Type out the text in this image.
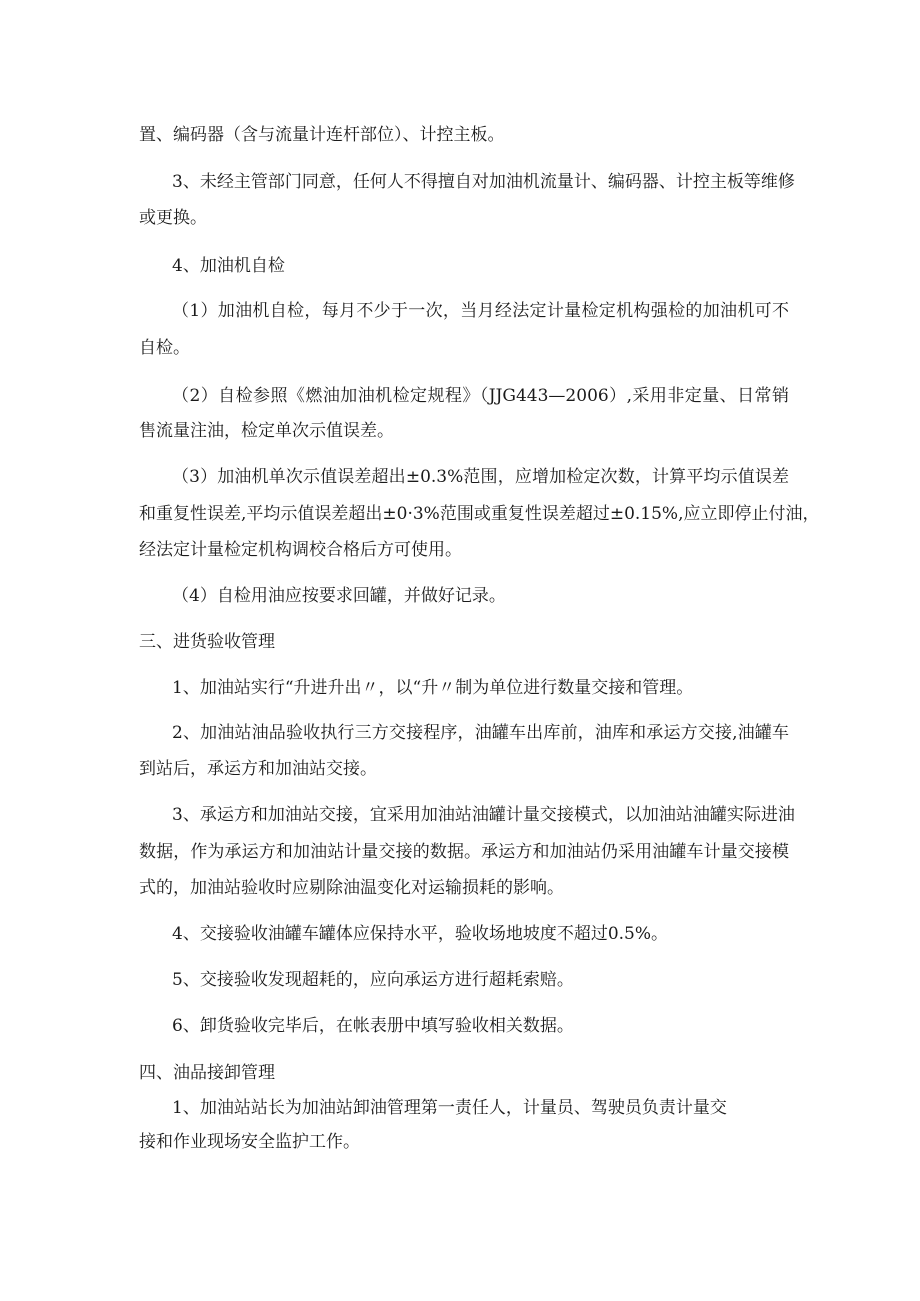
置、编码器（含与流量计连杆部位）、计控主板。
3、未经主管部门同意，任何人不得擅自对加油机流量计、编码器、计控主板等维修
或更换。
4、加油机自检
（1）加油机自检，每月不少于一次，当月经法定计量检定机构强检的加油机可不
自检。
（2）自检参照《燃油加油机检定规程》（JJG443—2006）,采用非定量、日常销
售流量注油，检定单次示值误差。
（3）加油机单次示值误差超出±0.3%范围，应增加检定次数，计算平均示值误差
和重复性误差,平均示值误差超出±0·3%范围或重复性误差超过±0.15%,应立即停止付油，
经法定计量检定机构调校合格后方可使用。
（4）自检用油应按要求回罐，并做好记录。
三、进货验收管理
1、加油站实行“升进升出〃，以“升〃制为单位进行数量交接和管理。
2、加油站油品验收执行三方交接程序，油罐车出库前，油库和承运方交接,油罐车
到站后，承运方和加油站交接。
3、承运方和加油站交接，宜采用加油站油罐计量交接模式，以加油站油罐实际进油
数据，作为承运方和加油站计量交接的数据。承运方和加油站仍采用油罐车计量交接模
式的，加油站验收时应剔除油温变化对运输损耗的影响。
4、交接验收油罐车罐体应保持水平，验收场地坡度不超过0.5%。
5、交接验收发现超耗的，应向承运方进行超耗索赔。
6、卸货验收完毕后，在帐表册中填写验收相关数据。
四、油品接卸管理
1、加油站站长为加油站卸油管理第一责任人，计量员、驾驶员负责计量交
接和作业现场安全监护工作。
